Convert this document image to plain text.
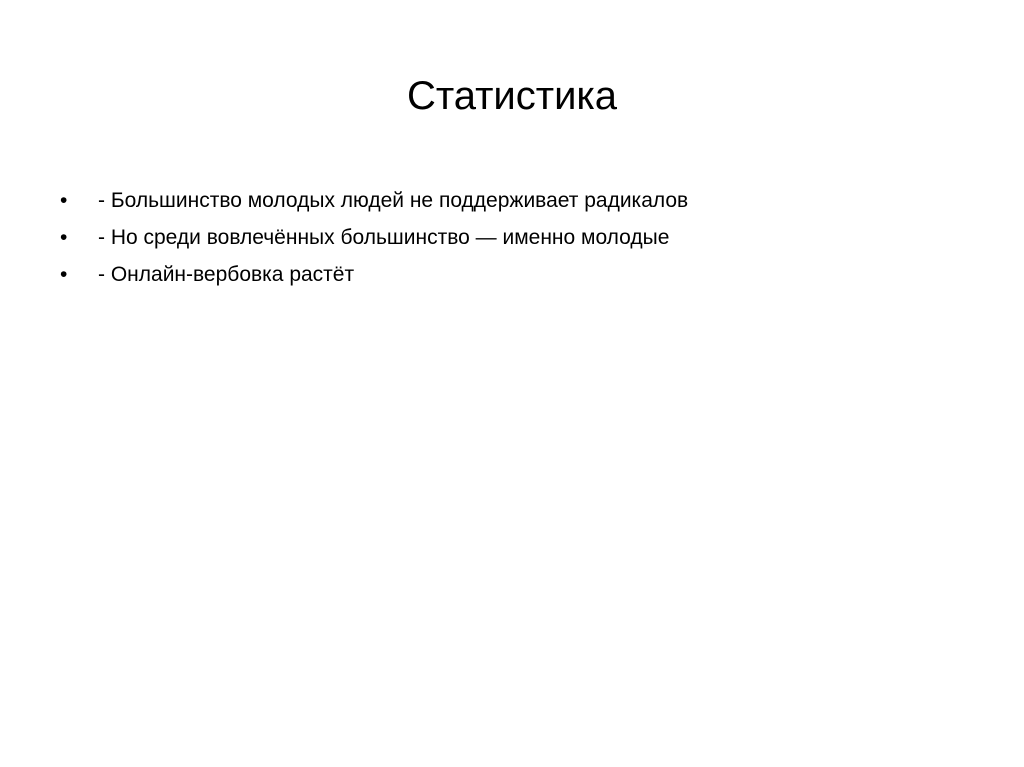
Статистика
• - Большинство молодых людей не поддерживает радикалов
• - Но среди вовлечённых большинство — именно молодые
• - Онлайн-вербовка растёт
